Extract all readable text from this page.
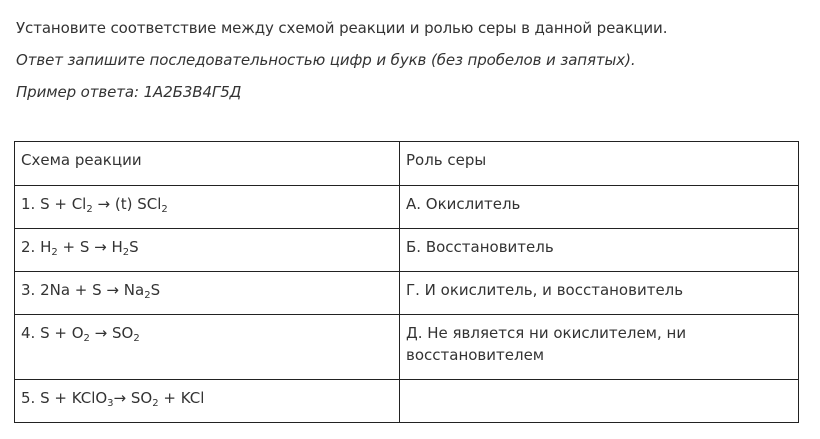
Установите соответствие между схемой реакции и ролью серы в данной реакции.

Ответ запишите последовательностью цифр и букв (без пробелов и запятых).

Пример ответа: 1А2Б3В4Г5Д

Схема реакции	Роль серы
1. $S + Cl_2 \to (t)$ SCl$_2$	А. Окислитель
2. $H_2 + S \to H_2S$	Б. Восстановитель
3. $2Na + S \to Na_2S$	Г. И окислитель, и восстановитель
4. $S + O_2 \to SO_2$	Д. Не является ни окислителем, ни восстановителем
5. S + KClO$_3$→ $SO_2$ + KCl	
